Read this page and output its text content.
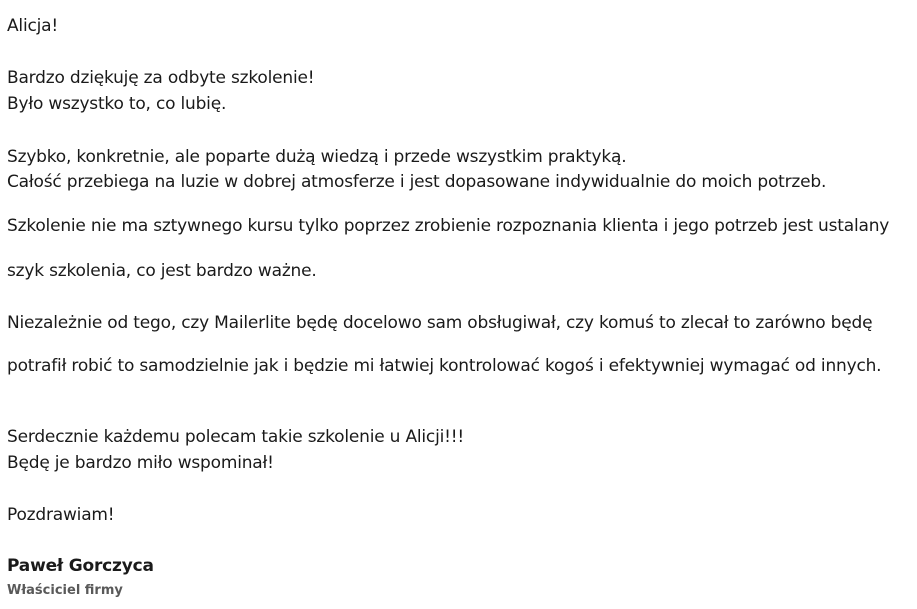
Alicja!
Bardzo dziękuję za odbyte szkolenie!
Było wszystko to, co lubię.
Szybko, konkretnie, ale poparte dużą wiedzą i przede wszystkim praktyką.
Całość przebiega na luzie w dobrej atmosferze i jest dopasowane indywidualnie do moich potrzeb.
Szkolenie nie ma sztywnego kursu tylko poprzez zrobienie rozpoznania klienta i jego potrzeb jest ustalany
szyk szkolenia, co jest bardzo ważne.
Niezależnie od tego, czy Mailerlite będę docelowo sam obsługiwał, czy komuś to zlecał to zarówno będę
potrafił robić to samodzielnie jak i będzie mi łatwiej kontrolować kogoś i efektywniej wymagać od innych.
Serdecznie każdemu polecam takie szkolenie u Alicji!!!
Będę je bardzo miło wspominał!
Pozdrawiam!
Paweł Gorczyca
Właściciel firmy
